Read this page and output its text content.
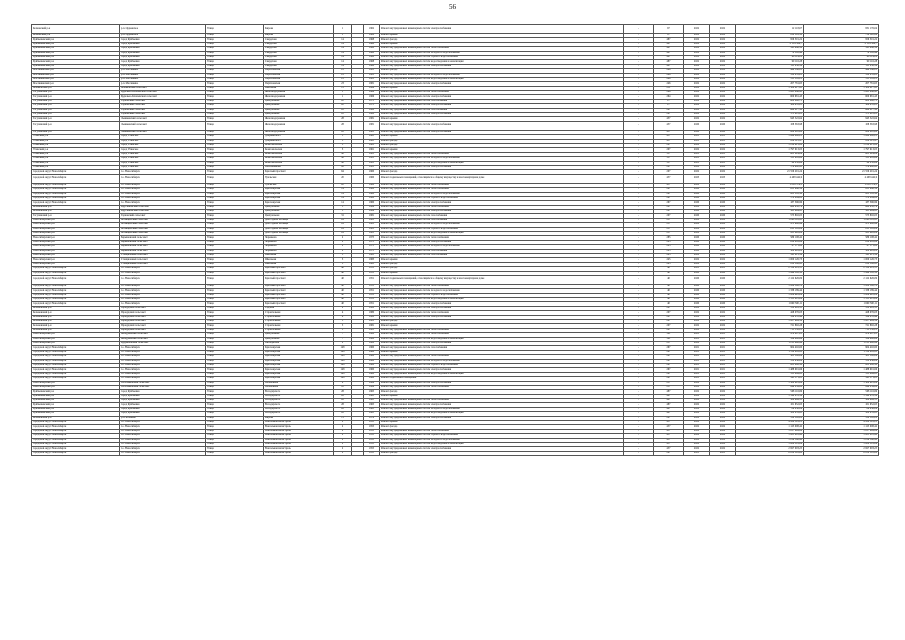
56
Кочковский р-н	р.п. Ордынское	Улица	Кирова	1		1962	Ремонт внутридомовых инженерных систем электроснабжения	-	67	2022	2022	12 118,67	831 176,04
Кочковский р-н	р.п. Ордынское	Улица	Кирова	1		1962	Ремонт крыши	-	67	2022	2022	232 141,58	754 320,89
Куйбышевский р-н	город Куйбышев	Улица	Свердлова	14		1968	Ремонт фасада	-	487	2022	2022	956 301,22	956 301,22
Куйбышевский р-н	город Куйбышев	Улица	Свердлова	14		1968	Ремонт крыши	-	487	2022	2022	2 154 326,7	2 154 326,7
Куйбышевский р-н	город Куйбышев	Улица	Свердлова	14		1968	Ремонт внутридомовых инженерных систем теплоснабжения	-	487	2022	2022	195 486,34	195 486,34
Куйбышевский р-н	город Куйбышев	Улица	Свердлова	14		1968	Ремонт внутридомовых инженерных систем холодного водоснабжения	-	487	2022	2022	78 102,44	78 102,44
Куйбышевский р-н	город Куйбышев	Улица	Свердлова	14		1968	Ремонт внутридомовых инженерных систем горячего водоснабжения	-	487	2022	2022	68 114,22	68 114,22
Куйбышевский р-н	город Куйбышев	Улица	Свердлова	14		1968	Ремонт внутридомовых инженерных систем водоотведения и канализации	-	487	2022	2022	90 116,28	90 116,28
Куйбышевский р-н	город Куйбышев	Улица	Свердлова	14		1968	Ремонт внутридомовых инженерных систем электроснабжения	-	487	2022	2022	111 058,14	111 058,14
Маслянинский р-н	р.п. Маслянино	Улица	Партизанская	23		1981	Ремонт фасада	-	246	2022	2022	496 186,23	496 186,23
Маслянинский р-н	р.п. Маслянино	Улица	Партизанская	23		1981	Ремонт внутридомовых инженерных систем холодного водоснабжения	-	246	2022	2022	132 055,61	132 055,61
Маслянинский р-н	р.п. Маслянино	Улица	Партизанская	23		1981	Ремонт внутридомовых инженерных систем водоотведения и канализации	-	246	2022	2022	115 183,21	115 183,21
Маслянинский р-н	р.п. Маслянино	Улица	Партизанская	23		1981	Ремонт внутридомовых инженерных систем электроснабжения	-	246	2022	2022	207 781,65	207 781,65
Мошковский р-н	Мошковский сельсовет	Улица	Школьная	15		1984	Ремонт крыши	-	251	2022	2022	1 308 817,93	1 308 817,93
Тогучинский р-н	Кудельно-Ключевской сельсовет	Улица	Железнодорожная	1		1966	Ремонт внутридомовых инженерных систем теплоснабжения	-	264	2022	2022	1 065 886,45	1 065 886,45
Тогучинский р-н	Кудельно-Ключевской сельсовет	Улица	Железнодорожная	1		1966	Ремонт внутридомовых инженерных систем электроснабжения	-	264	2022	2022	600 681,43	600 681,43
Тогучинский р-н	Горновский сельсовет	Улица	Центральная	20		1975	Ремонт внутридомовых инженерных систем газоснабжения	-	27	2022	2022	682 298,73	682 298,73
Тогучинский р-н	Горновский сельсовет	Улица	Центральная	20		1975	Ремонт внутридомовых инженерных систем электроснабжения	-	27	2022	2022	388 455,05	388 455,05
Тогучинский р-н	Горновский сельсовет	Улица	Центральная	22		1980	Ремонт внутридомовых инженерных систем газоснабжения	-	267	2022	2022	668 217,38	668 217,38
Тогучинский р-н	Горновский сельсовет	Улица	Центральная	22		1980	Ремонт внутридомовых инженерных систем электроснабжения	-	267	2022	2022	375 012,05	375 012,05
Тогучинский р-н	Льниковский сельсовет	Улица	Железнодорожная	28		1981	Ремонт крыши	-	437	2022	2022	943 522,64	943 522,64
Тогучинский р-н	Льниковский сельсовет	Улица	Железнодорожная	28		1981	Ремонт внутридомовых инженерных систем электроснабжения	-	437	2020	2020	108 363,98	108 363,98
Тогучинский р-н	Льниковский сельсовет	Улица	Железнодорожная	28		1981	Ремонт внутридомовых инженерных систем электроснабжения	-	437	2020	2020	280 210,62	280 210,62
Убинский р-н	город Убинское	Улица	Дзержинского	5		1965	Ремонт крыши	-	457	2021	2021	1 064 098,01	1 064 098,01
Убинский р-н	город Убинское	Улица	Дзержинского	5		1965	Ремонт фасада	-	457	2021	2021	854 125,47	854 125,47
Убинский р-н	город Убинское	Улица	Комсомольская	3		1961	Ремонт фасада	-	207	2022	2022	1 218 613,82	1 218 613,82
Убинский р-н	город Убинское	Улица	Комсомольская	3		1961	Ремонт крыши	-	207	2022	2022	1 797 913,05	1 797 913,05
Убинский р-н	город Убинское	Улица	Комсомольская	42		1981	Ремонт внутридомовых инженерных систем теплоснабжения	-	317	2021	2021	601 224,06	601 224,06
Убинский р-н	город Убинское	Улица	Комсомольская	42		1981	Ремонт внутридомовых инженерных систем холодного водоснабжения	-	317	2021	2021	131 983,64	131 983,64
Убинский р-н	город Убинское	Улица	Комсомольская	42		1981	Ремонт внутридомовых инженерных систем водоотведения и канализации	-	317	2021	2021	98 252,69	98 252,69
Убинский р-н	город Убинское	Улица	Шабашникова	92		1981	Ремонт внутридомовых инженерных систем электроснабжения	-	207	2022	2022	176 900,93	176 900,93
городской округ Новосибирск	г.о. Новосибирск	Улица	Красный проспект	64		1960	Ремонт фасада	-	207	2022	2022	21 556 291,24	21 556 291,24
городской округ Новосибирск	г.о. Новосибирск	Улица	Уральская	20		1960	Ремонт подвальных помещений, относящихся к общему имуществу в многоквартирном доме	-	457	2023	2023	4 408 442,9	4 408 442,9
городской округ Новосибирск	г.о. Новосибирск	Улица	Уральская	20		1960	Ремонт внутридомовых инженерных систем теплоснабжения	-	457	2022	2022	1 019 574,3	1 019 574,3
городской округ Новосибирск	г.о. Новосибирск	Улица	Красноярская	14		1960	Ремонт внутридомовых инженерных систем теплоснабжения	-	267	2020	2020	631 966,59	631 966,59
городской округ Новосибирск	г.о. Новосибирск	Улица	Красноярская	14		1960	Ремонт внутридомовых инженерных систем холодного водоснабжения	-	267	2020	2020	201 185,38	201 185,38
городской округ Новосибирск	г.о. Новосибирск	Улица	Красноярская	14		1960	Ремонт внутридомовых инженерных систем горячего водоснабжения	-	267	2020	2020	172 084,28	172 084,28
городской округ Новосибирск	г.о. Новосибирск	Улица	Красноярская	14		1960	Ремонт внутридомовых инженерных систем электроснабжения	-	267	2020	2020	187 396,99	187 396,99
Коченевский р-н	Кругликовский сельсовет	Улица	Центральная	5		1984	Ремонт внутридомовых инженерных систем теплоснабжения	-	207	2022	2022	662 652,79	662 652,79
Коченевский р-н	Кругликовский сельсовет	Улица	Центральная	5		1984	Ремонт внутридомовых инженерных систем электроснабжения	-	207	2020	2020	165 894,95	165 894,95
Тогучинский р-н	Горновский сельсовет	Улица	Центральная	31		1981	Ремонт внутридомовых инженерных систем газоснабжения	-	207	2020	2020	575 802,05	575 802,05
Новосибирский р-н	Мочищенский сельсовет	Улица	Дом отдыха Мочище	29		1981	Ремонт внутридомовых инженерных систем газоснабжения	-	237	2022	2022	1 098 116,95	1 098 116,95
Новосибирский р-н	Мочищенский сельсовет	Улица	Дом отдыха Мочище	29		1981	Ремонт внутридомовых инженерных систем холодного водоснабжения	-	237	2022	2022	471 998,96	471 998,96
Новосибирский р-н	Мочищенский сельсовет	Улица	Дом отдыха Мочище	29		1981	Ремонт внутридомовых инженерных систем горячего водоснабжения	-	237	2022	2022	611 165,09	611 165,09
Новосибирский р-н	Мочищенский сельсовет	Улица	Дом отдыха Мочище	29		1981	Ремонт внутридомовых инженерных систем водоотведения и канализации	-	237	2022	2022	415 028,09	415 028,09
Новосибирский р-н	Барышевский сельсовет	Улица	Черенкова	2		1975	Ремонт внутридомовых инженерных систем теплоснабжения	-	285	2020	2020	589 108,42	589 108,42
Новосибирский р-н	Барышевский сельсовет	Улица	Черенкова	2		1975	Ремонт внутридомовых инженерных систем электроснабжения	-	285	2020	2020	618 883,89	618 883,89
Новосибирский р-н	Барышевский сельсовет	Улица	Черенкова	2		1975	Ремонт внутридомовых инженерных систем холодного водоснабжения	-	285	2020	2020	97 571,28	97 571,28
Новосибирский р-н	Барышевский сельсовет	Улица	Черенкова	2		1975	Ремонт внутридомовых инженерных систем газоснабжения	-	285	2020	2020	300 893,02	300 893,02
Новосибирский р-н	Станционный сельсовет	Улица	Школьная	3		1983	Ремонт внутридомовых инженерных систем газоснабжения	-	245	2022	2022	191 013,56	191 013,56
Новосибирский р-н	Станционный сельсовет	Улица	Школьная	3		1983	Ремонт крыши	-	245	2022	2022	1 000 126,73	1 000 126,73
Новосибирский р-н	Станционный сельсовет	Улица	Школьная	3		1983	Ремонт фасада	-	245	2022	2022	232 106,95	232 106,95
городской округ Новосибирск	г.о. Новосибирск	Улица	Красный проспект	40		1951	Ремонт фасада	-	40	2021	2021	2 510 201,15	2 510 201,15
городской округ Новосибирск	г.о. Новосибирск	Улица	Красный проспект	40		1951	Ремонт крыши	-	40	2020	2020	1 996 102,50	1 996 102,50
городской округ Новосибирск	г.о. Новосибирск	Улица	Красный проспект	40		1951	Ремонт подвальных помещений, относящихся к общему имуществу в многоквартирном доме	-	40	2020	2020	2 122 626,09	2 122 626,09
городской округ Новосибирск	г.о. Новосибирск	Улица	Красный проспект	40		1951	Ремонт внутридомовых инженерных систем теплоснабжения	-	40	2020	2020	1 950 508,78	1 950 508,78
городской округ Новосибирск	г.о. Новосибирск	Улица	Красный проспект	40		1951	Ремонт внутридомовых инженерных систем холодного водоснабжения	-	40	2020	2020	1 338 189,44	1 338 189,44
городской округ Новосибирск	г.о. Новосибирск	Улица	Красный проспект	40		1951	Ремонт внутридомовых инженерных систем горячего водоснабжения	-	40	2020	2020	1 206 622,09	1 206 622,09
городской округ Новосибирск	г.о. Новосибирск	Улица	Красный проспект	40		1951	Ремонт внутридомовых инженерных систем водоотведения и канализации	-	40	2020	2020	1 133 012,04	1 133 012,04
городской округ Новосибирск	г.о. Новосибирск	Улица	Красный проспект	40		1951	Ремонт внутридомовых инженерных систем электроснабжения	-	40	2020	2020	1 660 500,11	1 660 500,11
Коченевский р-н	Прокудский сельсовет	Улица	Садовая	2		1980	Ремонт внутридомовых инженерных систем электроснабжения	-	207	2022	2022	152 861,53	152 861,53
Коченевский р-н	Прокудский сельсовет	Улица	Строительная	4		1980	Ремонт внутридомовых инженерных систем теплоснабжения	-	207	2022	2022	428 076,03	428 076,03
Коченевский р-н	Прокудский сельсовет	Улица	Строительная	4		1980	Ремонт внутридомовых инженерных систем электроснабжения	-	207	2022	2022	129 855,44	129 855,44
Коченевский р-н	Прокудский сельсовет	Улица	Строительная	5		1981	Ремонт фасада	-	207	2022	2022	1 207 999,56	1 207 999,56
Коченевский р-н	Прокудский сельсовет	Улица	Строительная	5		1981	Ремонт крыши	-	207	2022	2022	721 892,28	721 892,28
Коченевский р-н	Прокудский сельсовет	Улица	Строительная	5		1981	Ремонт внутридомовых инженерных систем теплоснабжения	-	207	2022	2022	713 532,21	713 532,21
Новосибирский р-н	Мичуринский сельсовет	Улица	Центральная	7		1980	Ремонт внутридомовых инженерных систем теплоснабжения	-	301	2021	2021	478 007,05	478 007,05
Новосибирский р-н	Мичуринский сельсовет	Улица	Центральная	7		1980	Ремонт внутридомовых инженерных систем водоотведения и канализации	-	301	2021	2021	129 462,66	129 462,66
Новосибирский р-н	Кудряшовский сельсовет	Улица	Октябрьская	2		1982	Ремонт внутридомовых инженерных систем электроснабжения	-	237	2022	2022	1 211 498,96	1 211 498,96
городской округ Новосибирск	г.о. Новосибирск	Улица	Красноярская	148		1960	Ремонт внутридомовых инженерных систем газоснабжения	-	267	2021	2021	904 402,60	904 402,60
городской округ Новосибирск	г.о. Новосибирск	Улица	Красноярская	148		1960	Ремонт крыши	-	267	2021	2021	1 110 883,91	1 110 883,91
городской округ Новосибирск	г.о. Новосибирск	Улица	Красноярская	148		1960	Ремонт внутридомовых инженерных систем теплоснабжения	-	267	2021	2021	301 108,06	301 108,06
городской округ Новосибирск	г.о. Новосибирск	Улица	Красноярская	148		1960	Ремонт внутридомовых инженерных систем холодного водоснабжения	-	267	2021	2021	152 936,06	152 936,06
городской округ Новосибирск	г.о. Новосибирск	Улица	Красноярская	148		1960	Ремонт внутридомовых инженерных систем горячего водоснабжения	-	267	2021	2021	201 008,58	201 008,58
городской округ Новосибирск	г.о. Новосибирск	Улица	Красноярская	148		1960	Ремонт внутридомовых инженерных систем электроснабжения	-	267	2021	2021	1 488 991,66	1 488 991,66
городской округ Новосибирск	г.о. Новосибирск	Улица	Красноярская	148		1960	Ремонт внутридомовых инженерных систем водоотведения и канализации	-	267	2021	2021	133 049,85	133 049,85
городской округ Новосибирск	г.о. Новосибирск	Улица	Красноярская	148		1960	Ремонт подвальных помещений	-	267	2021	2021	143 371,03	143 371,03
Новосибирский р-н	Плотниковский сельсовет	Улица	Юбилейная	8		1984	Ремонт внутридомовых инженерных систем электроснабжения	-	237	2022	2022	1 380 612,04	1 380 612,04
Новосибирский р-н	Плотниковский сельсовет	Улица	Юбилейная	10		1986	Ремонт внутридомовых инженерных систем теплоснабжения	-	237	2022	2022	899 259,28	899 259,28
Куйбышевский р-н	город Куйбышев	Улица	Володарского	28		1965	Ремонт фасада	-	487	2022	2022	568 116,69	568 116,69
Куйбышевский р-н	город Куйбышев	Улица	Володарского	28		1965	Ремонт крыши	-	487	2022	2022	1 190 076,59	1 190 076,59
Куйбышевский р-н	город Куйбышев	Улица	Володарского	28		1965	Ремонт внутридомовых инженерных систем теплоснабжения	-	487	2022	2022	180 449,13	180 449,13
Куйбышевский р-н	город Куйбышев	Улица	Володарского	28		1965	Ремонт внутридомовых инженерных систем электроснабжения	-	487	2022	2022	101 652,65	101 652,65
Куйбышевский р-н	город Куйбышев	Улица	Володарского	28		1965	Ремонт внутридомовых инженерных систем холодного водоснабжения	-	487	2022	2022	86 038,29	86 038,29
Куйбышевский р-н	город Куйбышев	Улица	Володарского	28		1965	Ремонт внутридомовых инженерных систем водоотведения и канализации	-	487	2022	2022	102 031,85	102 031,85
Коченевский р-н	р.п. Коченево	Улица	Кирова	11		1976	Ремонт внутридомовых инженерных систем электроснабжения	-	207	2022	2022	130 102,02	130 102,02
городской округ Новосибирск	г.о. Новосибирск	Улица	Вокзальная магистраль	2		1955	Ремонт крыши	-	457	2022	2022	4 418 591,21	4 418 591,21
городской округ Новосибирск	г.о. Новосибирск	Улица	Вокзальная магистраль	2		1955	Ремонт фасада	-	457	2022	2022	1 125 008,42	1 125 008,42
городской округ Новосибирск	г.о. Новосибирск	Улица	Вокзальная магистраль	2		1955	Ремонт внутридомовых инженерных систем теплоснабжения	-	457	2022	2022	1 617 899,89	1 617 899,89
городской округ Новосибирск	г.о. Новосибирск	Улица	Вокзальная магистраль	2		1955	Ремонт внутридомовых инженерных систем горячего водоснабжения	-	457	2022	2022	1 205 005,98	1 205 005,98
городской округ Новосибирск	г.о. Новосибирск	Улица	Вокзальная магистраль	2		1955	Ремонт внутридомовых инженерных систем холодного водоснабжения	-	457	2022	2022	1 019 548,42	1 019 548,42
городской округ Новосибирск	г.о. Новосибирск	Улица	Вокзальная магистраль	2		1955	Ремонт внутридомовых инженерных систем водоотведения и канализации	-	457	2022	2022	1 008 101,26	1 008 101,26
городской округ Новосибирск	г.о. Новосибирск	Улица	Вокзальная магистраль	2		1955	Ремонт внутридомовых инженерных систем электроснабжения	-	457	2022	2022	2 827 003,25	2 827 003,25
городской округ Новосибирск	г.о. Новосибирск	Улица	Вокзальная магистраль	2		1955	Ремонт фасада	-	267	2021	2021	6 058 195,08	6 058 195,08
